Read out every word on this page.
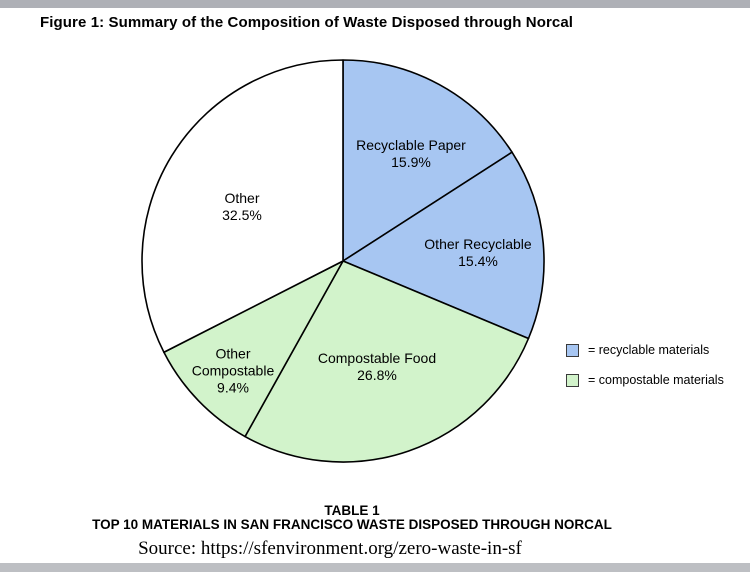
Figure 1: Summary of the Composition of Waste Disposed through Norcal
Recyclable Paper
15.9%
Other Recyclable
15.4%
Compostable Food
26.8%
Other Compostable
9.4%
Other
32.5%
= recyclable materials
= compostable materials
TABLE 1
TOP 10 MATERIALS IN SAN FRANCISCO WASTE DISPOSED THROUGH NORCAL
Source: https://sfenvironment.org/zero-waste-in-sf
